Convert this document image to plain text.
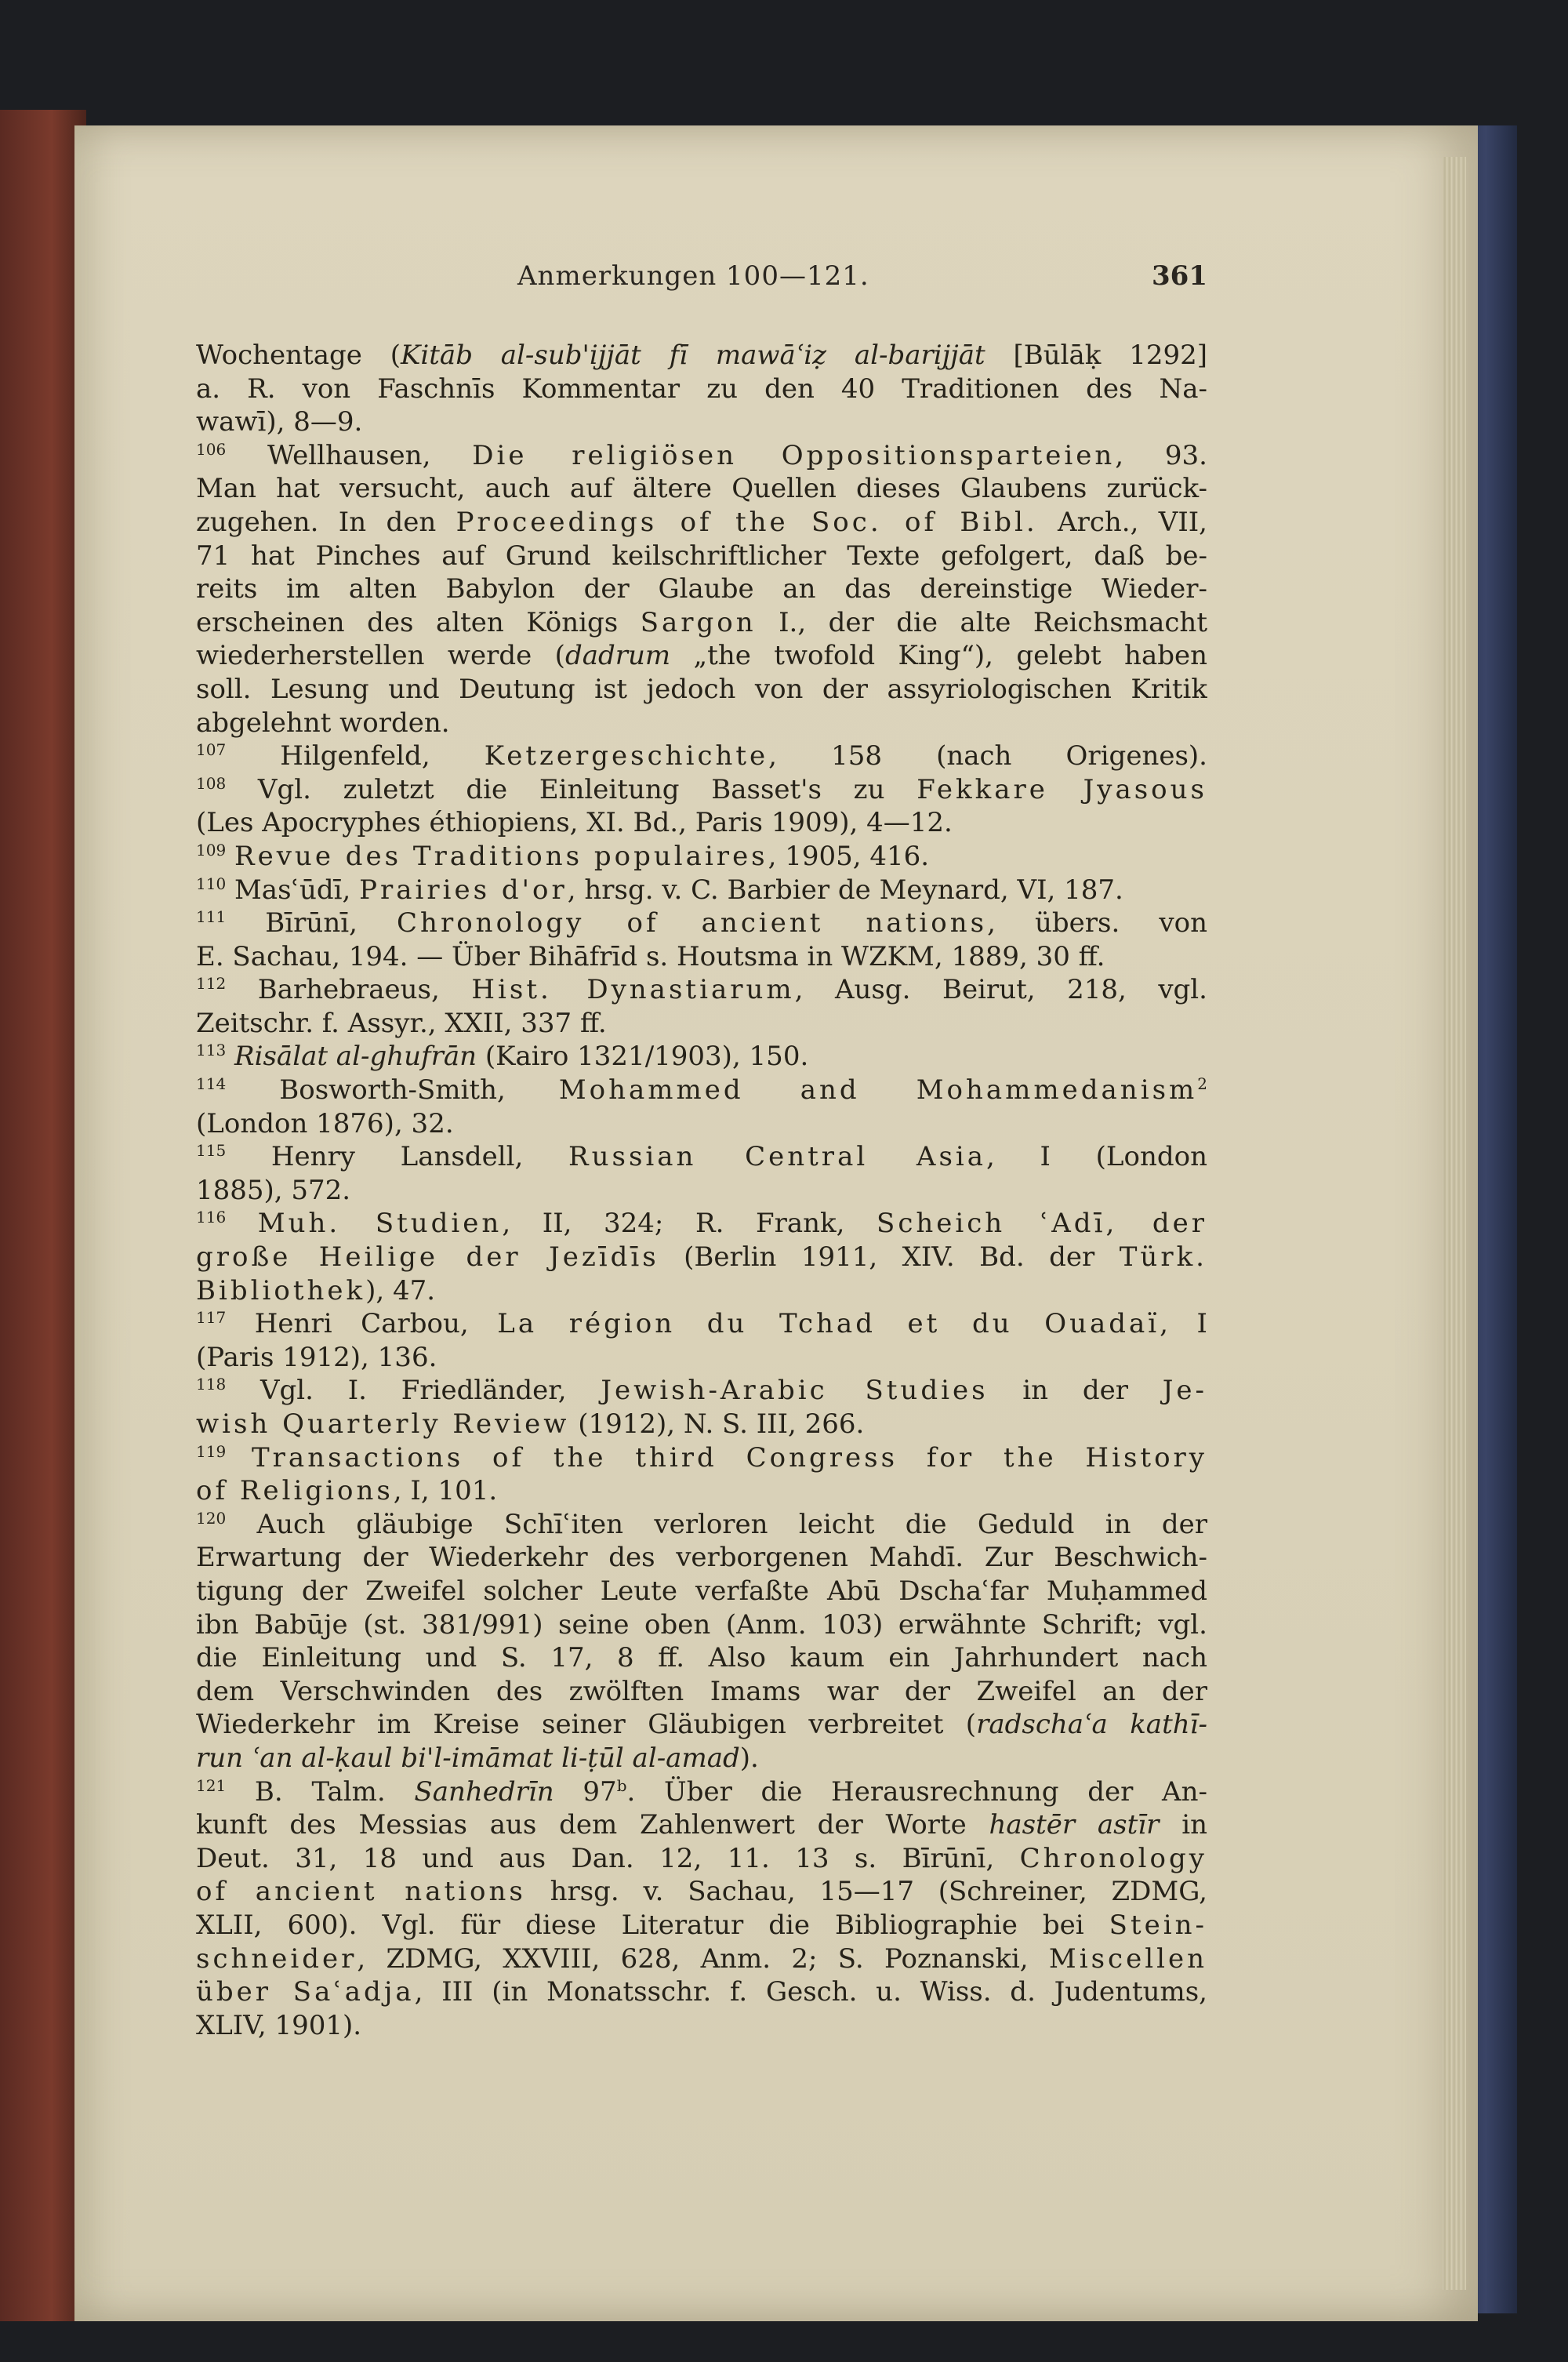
Anmerkungen 100—121.	361
Wochentage (Kitāb al-sub'ijjāt fī mawāʿiẓ al-barijjāt [Būlāḳ 1292]
a. R. von Faschnīs Kommentar zu den 40 Traditionen des Na-
wawī), 8—9.
$^{106}$ Wellhausen, Die religiösen Oppositionsparteien, 93.
Man hat versucht, auch auf ältere Quellen dieses Glaubens zurück-
zugehen. In den Proceedings of the Soc. of Bibl. Arch., VII,
71 hat Pinches auf Grund keilschriftlicher Texte gefolgert, daß be-
reits im alten Babylon der Glaube an das dereinstige Wieder-
erscheinen des alten Königs Sargon I., der die alte Reichsmacht
wiederherstellen werde (dadrum „the twofold King“), gelebt haben
soll. Lesung und Deutung ist jedoch von der assyriologischen Kritik
abgelehnt worden.
$^{107}$ Hilgenfeld, Ketzergeschichte, 158 (nach Origenes).
$^{108}$ Vgl. zuletzt die Einleitung Basset's zu Fekkare Jyasous
(Les Apocryphes éthiopiens, XI. Bd., Paris 1909), 4—12.
$^{109}$ Revue des Traditions populaires, 1905, 416.
$^{110}$ Masʿūdī, Prairies d'or, hrsg. v. C. Barbier de Meynard, VI, 187.
$^{111}$ Bīrūnī, Chronology of ancient nations, übers. von
E. Sachau, 194. — Über Bihāfrīd s. Houtsma in WZKM, 1889, 30 ff.
$^{112}$ Barhebraeus, Hist. Dynastiarum, Ausg. Beirut, 218, vgl.
Zeitschr. f. Assyr., XXII, 337 ff.
$^{113}$ Risālat al-ghufrān (Kairo 1321/1903), 150.
$^{114}$ Bosworth-Smith, Mohammed and Mohammedanism$^2$
(London 1876), 32.
$^{115}$ Henry Lansdell, Russian Central Asia, I (London
1885), 572.
$^{116}$ Muh. Studien, II, 324; R. Frank, Scheich ʿAdī, der
große Heilige der Jezīdīs (Berlin 1911, XIV. Bd. der Türk.
Bibliothek), 47.
$^{117}$ Henri Carbou, La région du Tchad et du Ouadaï, I
(Paris 1912), 136.
$^{118}$ Vgl. I. Friedländer, Jewish-Arabic Studies in der Je-
wish Quarterly Review (1912), N. S. III, 266.
$^{119}$ Transactions of the third Congress for the History
of Religions, I, 101.
$^{120}$ Auch gläubige Schīʿiten verloren leicht die Geduld in der
Erwartung der Wiederkehr des verborgenen Mahdī. Zur Beschwich-
tigung der Zweifel solcher Leute verfaßte Abū Dschaʿfar Muḥammed
ibn Babūje (st. 381/991) seine oben (Anm. 103) erwähnte Schrift; vgl.
die Einleitung und S. 17, 8 ff. Also kaum ein Jahrhundert nach
dem Verschwinden des zwölften Imams war der Zweifel an der
Wiederkehr im Kreise seiner Gläubigen verbreitet (radschaʿa kathī-
run ʿan al-ḳaul bi'l-imāmat li-ṭūl al-amad).
$^{121}$ B. Talm. Sanhedrīn 97$^b$. Über die Herausrechnung der An-
kunft des Messias aus dem Zahlenwert der Worte hastēr astīr in
Deut. 31, 18 und aus Dan. 12, 11. 13 s. Bīrūnī, Chronology
of ancient nations hrsg. v. Sachau, 15—17 (Schreiner, ZDMG,
XLII, 600). Vgl. für diese Literatur die Bibliographie bei Stein-
schneider, ZDMG, XXVIII, 628, Anm. 2; S. Poznanski, Miscellen
über Saʿadja, III (in Monatsschr. f. Gesch. u. Wiss. d. Judentums,
XLIV, 1901).
